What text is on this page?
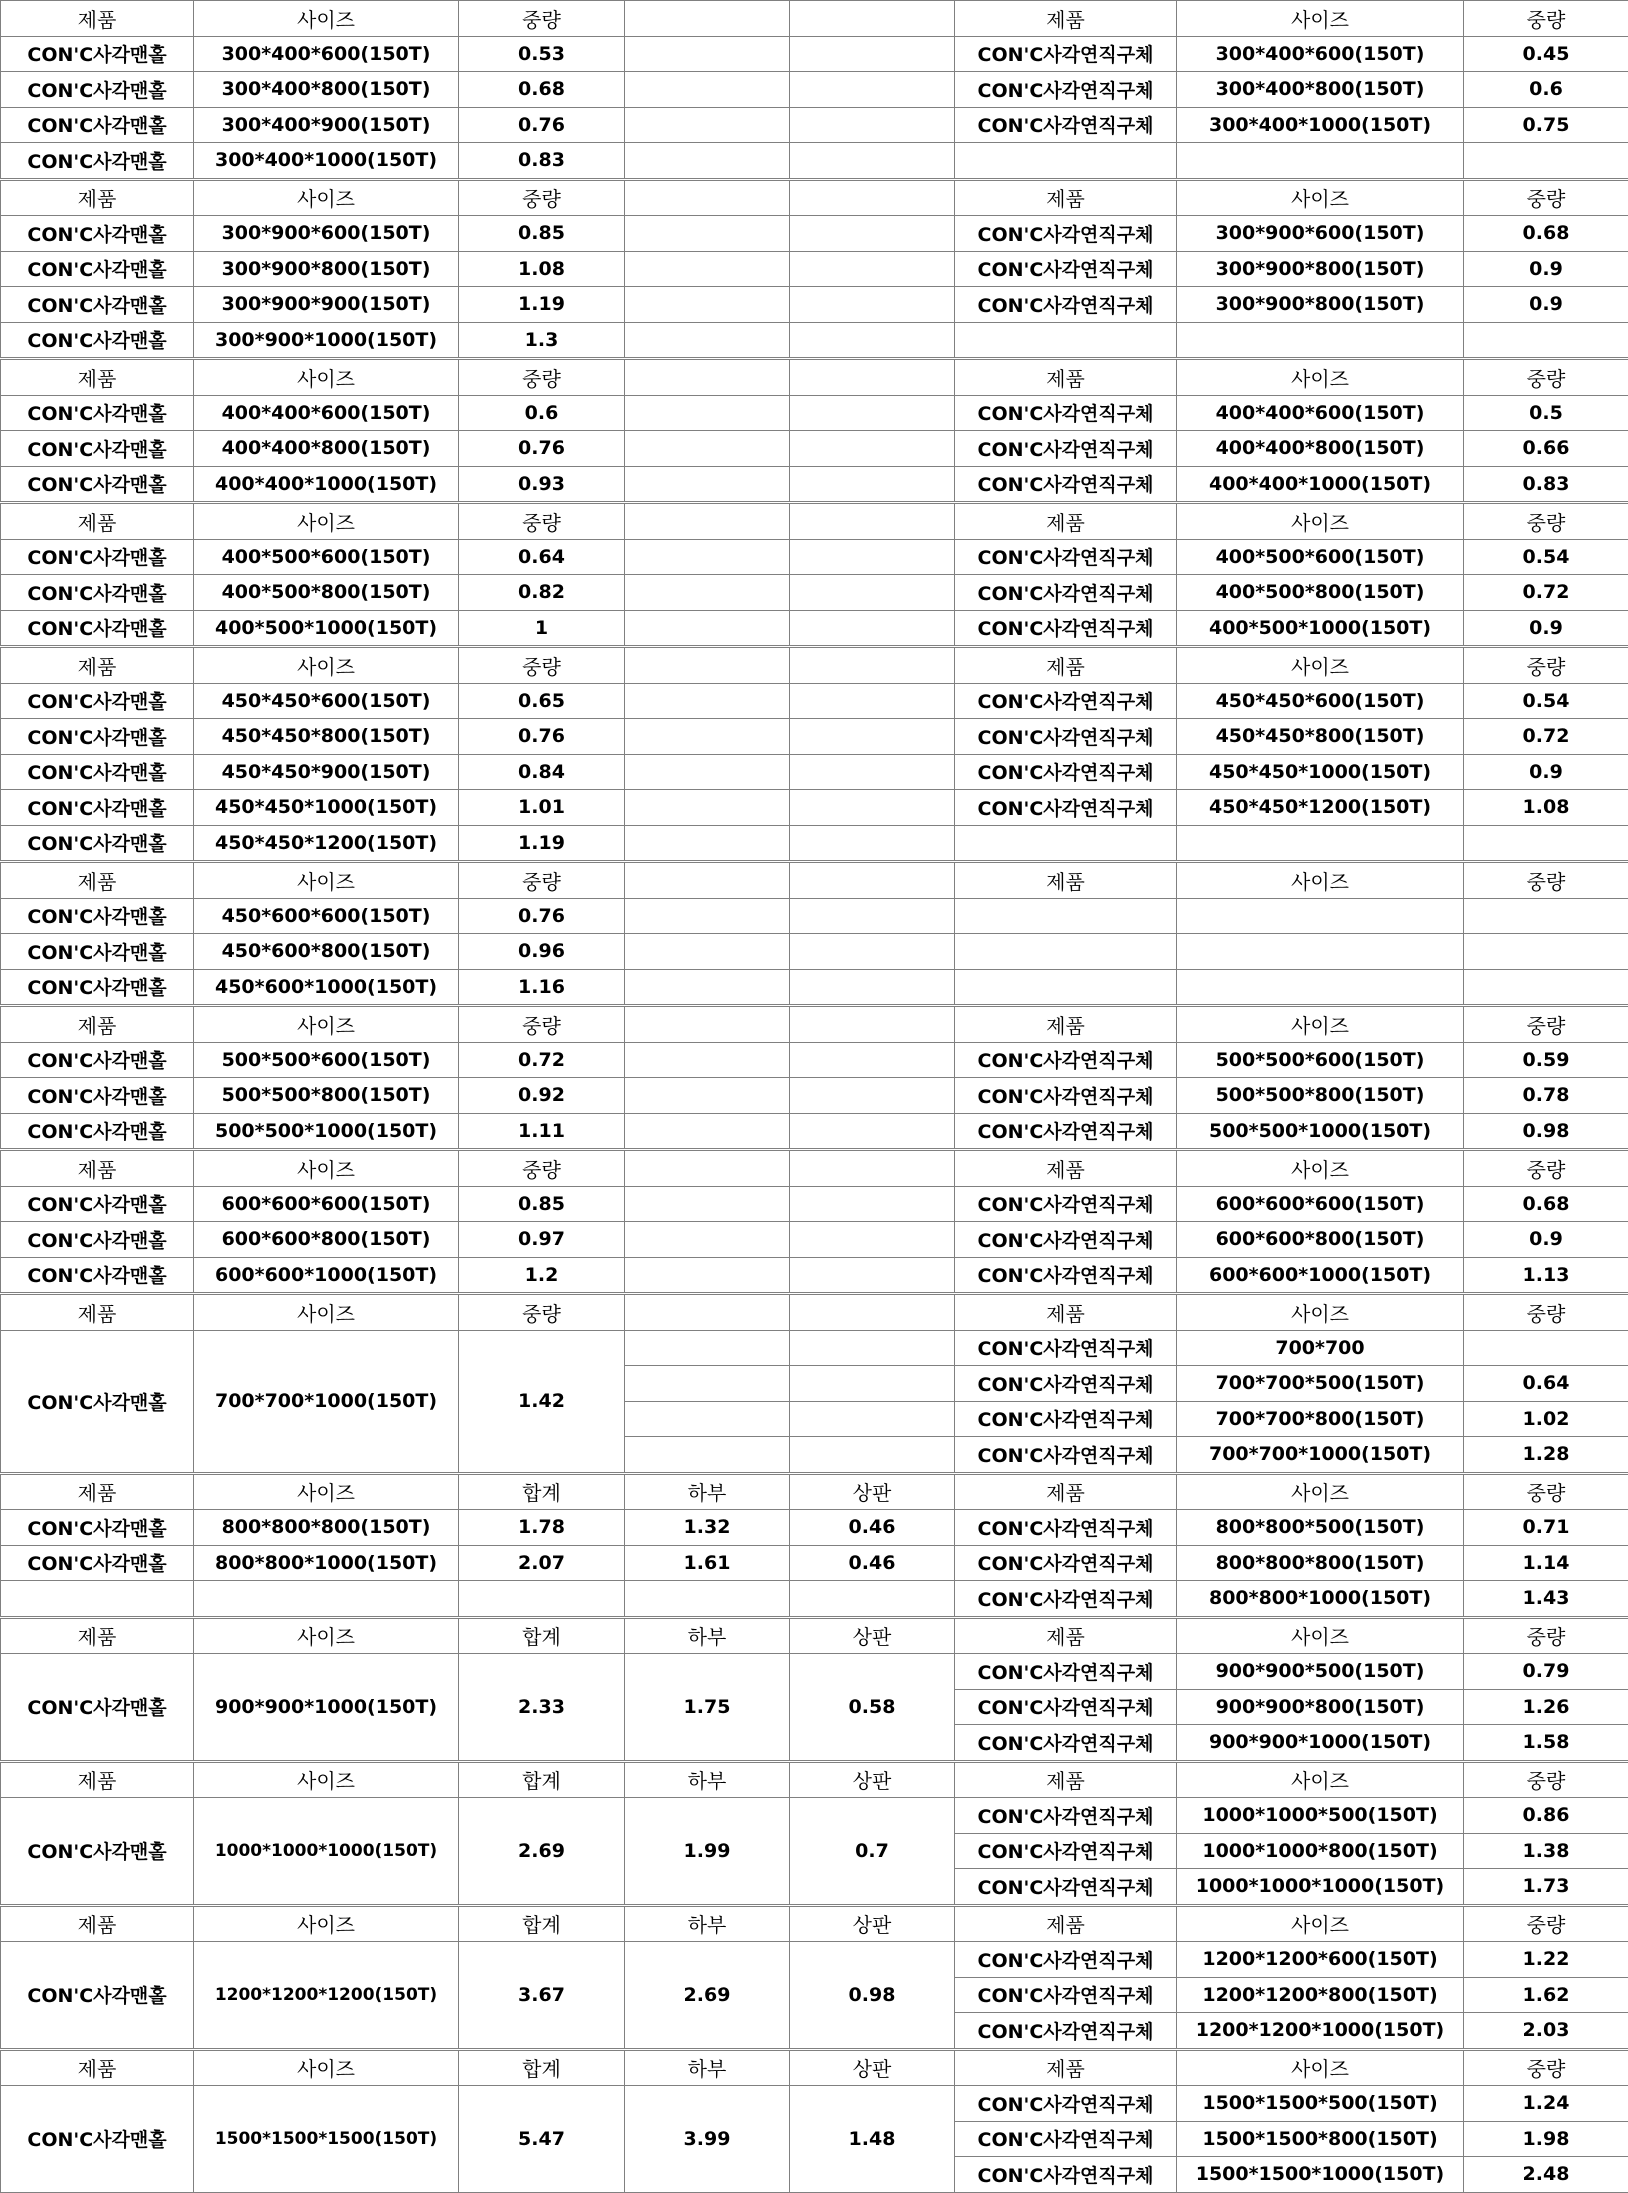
제품	사이즈	중량			제품	사이즈	중량
CON'C사각맨홀	300*400*600(150T)	0.53			CON'C사각연직구체	300*400*600(150T)	0.45
CON'C사각맨홀	300*400*800(150T)	0.68			CON'C사각연직구체	300*400*800(150T)	0.6
CON'C사각맨홀	300*400*900(150T)	0.76			CON'C사각연직구체	300*400*1000(150T)	0.75
CON'C사각맨홀	300*400*1000(150T)	0.83					
제품	사이즈	중량			제품	사이즈	중량
CON'C사각맨홀	300*900*600(150T)	0.85			CON'C사각연직구체	300*900*600(150T)	0.68
CON'C사각맨홀	300*900*800(150T)	1.08			CON'C사각연직구체	300*900*800(150T)	0.9
CON'C사각맨홀	300*900*900(150T)	1.19			CON'C사각연직구체	300*900*800(150T)	0.9
CON'C사각맨홀	300*900*1000(150T)	1.3					
제품	사이즈	중량			제품	사이즈	중량
CON'C사각맨홀	400*400*600(150T)	0.6			CON'C사각연직구체	400*400*600(150T)	0.5
CON'C사각맨홀	400*400*800(150T)	0.76			CON'C사각연직구체	400*400*800(150T)	0.66
CON'C사각맨홀	400*400*1000(150T)	0.93			CON'C사각연직구체	400*400*1000(150T)	0.83
제품	사이즈	중량			제품	사이즈	중량
CON'C사각맨홀	400*500*600(150T)	0.64			CON'C사각연직구체	400*500*600(150T)	0.54
CON'C사각맨홀	400*500*800(150T)	0.82			CON'C사각연직구체	400*500*800(150T)	0.72
CON'C사각맨홀	400*500*1000(150T)	1			CON'C사각연직구체	400*500*1000(150T)	0.9
제품	사이즈	중량			제품	사이즈	중량
CON'C사각맨홀	450*450*600(150T)	0.65			CON'C사각연직구체	450*450*600(150T)	0.54
CON'C사각맨홀	450*450*800(150T)	0.76			CON'C사각연직구체	450*450*800(150T)	0.72
CON'C사각맨홀	450*450*900(150T)	0.84			CON'C사각연직구체	450*450*1000(150T)	0.9
CON'C사각맨홀	450*450*1000(150T)	1.01			CON'C사각연직구체	450*450*1200(150T)	1.08
CON'C사각맨홀	450*450*1200(150T)	1.19					
제품	사이즈	중량			제품	사이즈	중량
CON'C사각맨홀	450*600*600(150T)	0.76					
CON'C사각맨홀	450*600*800(150T)	0.96					
CON'C사각맨홀	450*600*1000(150T)	1.16					
제품	사이즈	중량			제품	사이즈	중량
CON'C사각맨홀	500*500*600(150T)	0.72			CON'C사각연직구체	500*500*600(150T)	0.59
CON'C사각맨홀	500*500*800(150T)	0.92			CON'C사각연직구체	500*500*800(150T)	0.78
CON'C사각맨홀	500*500*1000(150T)	1.11			CON'C사각연직구체	500*500*1000(150T)	0.98
제품	사이즈	중량			제품	사이즈	중량
CON'C사각맨홀	600*600*600(150T)	0.85			CON'C사각연직구체	600*600*600(150T)	0.68
CON'C사각맨홀	600*600*800(150T)	0.97			CON'C사각연직구체	600*600*800(150T)	0.9
CON'C사각맨홀	600*600*1000(150T)	1.2			CON'C사각연직구체	600*600*1000(150T)	1.13
제품	사이즈	중량			제품	사이즈	중량
CON'C사각맨홀	700*700*1000(150T)	1.42			CON'C사각연직구체	700*700	
					CON'C사각연직구체	700*700*500(150T)	0.64
					CON'C사각연직구체	700*700*800(150T)	1.02
					CON'C사각연직구체	700*700*1000(150T)	1.28
제품	사이즈	합계	하부	상판	제품	사이즈	중량
CON'C사각맨홀	800*800*800(150T)	1.78	1.32	0.46	CON'C사각연직구체	800*800*500(150T)	0.71
CON'C사각맨홀	800*800*1000(150T)	2.07	1.61	0.46	CON'C사각연직구체	800*800*800(150T)	1.14
					CON'C사각연직구체	800*800*1000(150T)	1.43
제품	사이즈	합계	하부	상판	제품	사이즈	중량
CON'C사각맨홀	900*900*1000(150T)	2.33	1.75	0.58	CON'C사각연직구체	900*900*500(150T)	0.79
					CON'C사각연직구체	900*900*800(150T)	1.26
					CON'C사각연직구체	900*900*1000(150T)	1.58
제품	사이즈	합계	하부	상판	제품	사이즈	중량
CON'C사각맨홀	1000*1000*1000(150T)	2.69	1.99	0.7	CON'C사각연직구체	1000*1000*500(150T)	0.86
					CON'C사각연직구체	1000*1000*800(150T)	1.38
					CON'C사각연직구체	1000*1000*1000(150T)	1.73
제품	사이즈	합계	하부	상판	제품	사이즈	중량
CON'C사각맨홀	1200*1200*1200(150T)	3.67	2.69	0.98	CON'C사각연직구체	1200*1200*600(150T)	1.22
					CON'C사각연직구체	1200*1200*800(150T)	1.62
					CON'C사각연직구체	1200*1200*1000(150T)	2.03
제품	사이즈	합계	하부	상판	제품	사이즈	중량
CON'C사각맨홀	1500*1500*1500(150T)	5.47	3.99	1.48	CON'C사각연직구체	1500*1500*500(150T)	1.24
					CON'C사각연직구체	1500*1500*800(150T)	1.98
					CON'C사각연직구체	1500*1500*1000(150T)	2.48
